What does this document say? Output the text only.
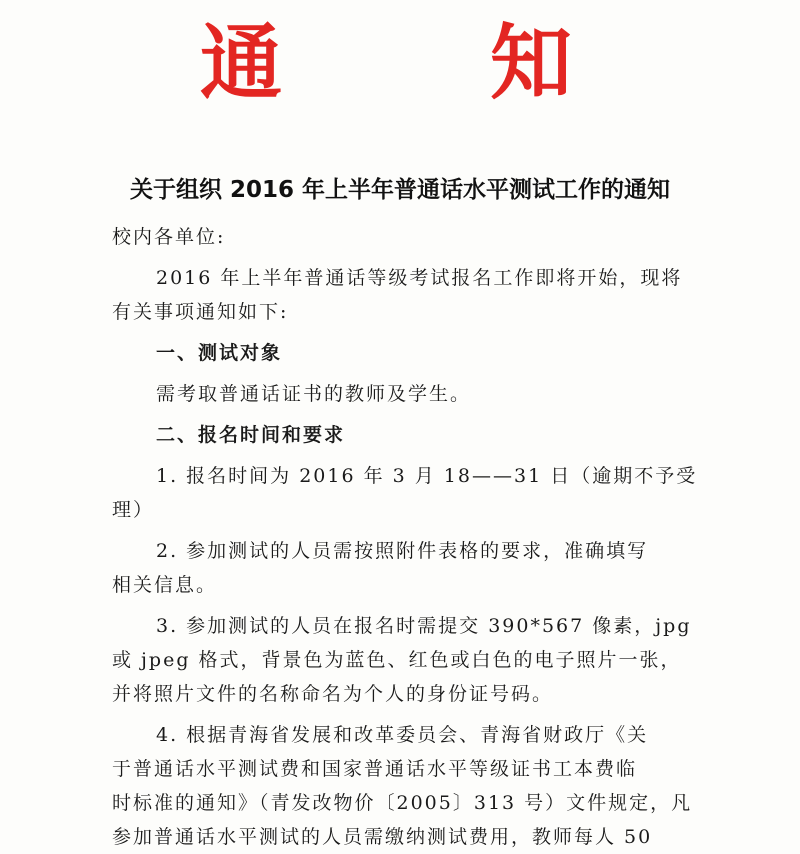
通	知
关于组织 2016 年上半年普通话水平测试工作的通知
校内各单位:
2016 年上半年普通话等级考试报名工作即将开始，现将
有关事项通知如下:
一、测试对象
需考取普通话证书的教师及学生。
二、报名时间和要求
1. 报名时间为 2016 年 3 月 18——31 日（逾期不予受
理）
2. 参加测试的人员需按照附件表格的要求，准确填写
相关信息。
3. 参加测试的人员在报名时需提交 390*567 像素，jpg
或 jpeg 格式，背景色为蓝色、红色或白色的电子照片一张，
并将照片文件的名称命名为个人的身份证号码。
4. 根据青海省发展和改革委员会、青海省财政厅《关
于普通话水平测试费和国家普通话水平等级证书工本费临
时标准的通知》（青发改物价〔2005〕313 号）文件规定，凡
参加普通话水平测试的人员需缴纳测试费用，教师每人 50
